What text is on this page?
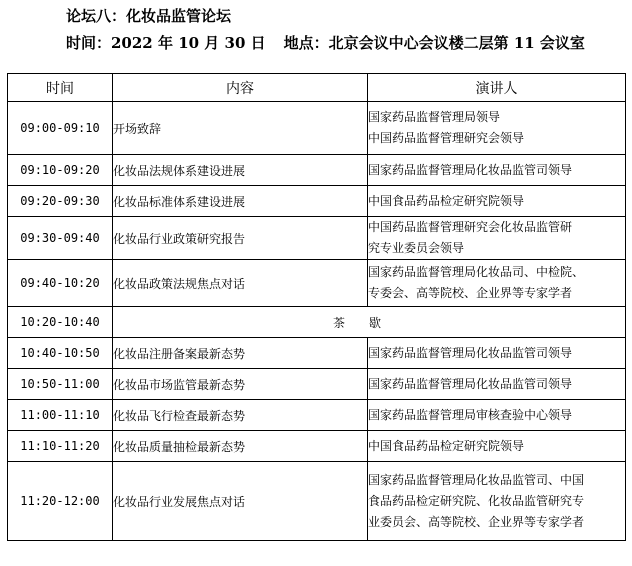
论坛八：化妆品监管论坛
时间：2022 年 10 月 30 日 地点：北京会议中心会议楼二层第 11 会议室
时间	内容	演讲人
09:00-09:10	开场致辞	国家药品监督管理局领导
中国药品监督管理研究会领导

09:10-09:20	化妆品法规体系建设进展	国家药品监督管理局化妆品监管司领导

09:20-09:30	化妆品标准体系建设进展	中国食品药品检定研究院领导

09:30-09:40	化妆品行业政策研究报告	中国药品监督管理研究会化妆品监管研
究专业委员会领导

09:40-10:20	化妆品政策法规焦点对话	国家药品监督管理局化妆品司、中检院、
专委会、高等院校、企业界等专家学者

10:20-10:40	茶歇	
10:40-10:50	化妆品注册备案最新态势	国家药品监督管理局化妆品监管司领导

10:50-11:00	化妆品市场监管最新态势	国家药品监督管理局化妆品监管司领导

11:00-11:10	化妆品飞行检查最新态势	国家药品监督管理局审核查验中心领导

11:10-11:20	化妆品质量抽检最新态势	中国食品药品检定研究院领导

11:20-12:00	化妆品行业发展焦点对话	国家药品监督管理局化妆品监管司、中国
食品药品检定研究院、化妆品监管研究专
业委员会、高等院校、企业界等专家学者
